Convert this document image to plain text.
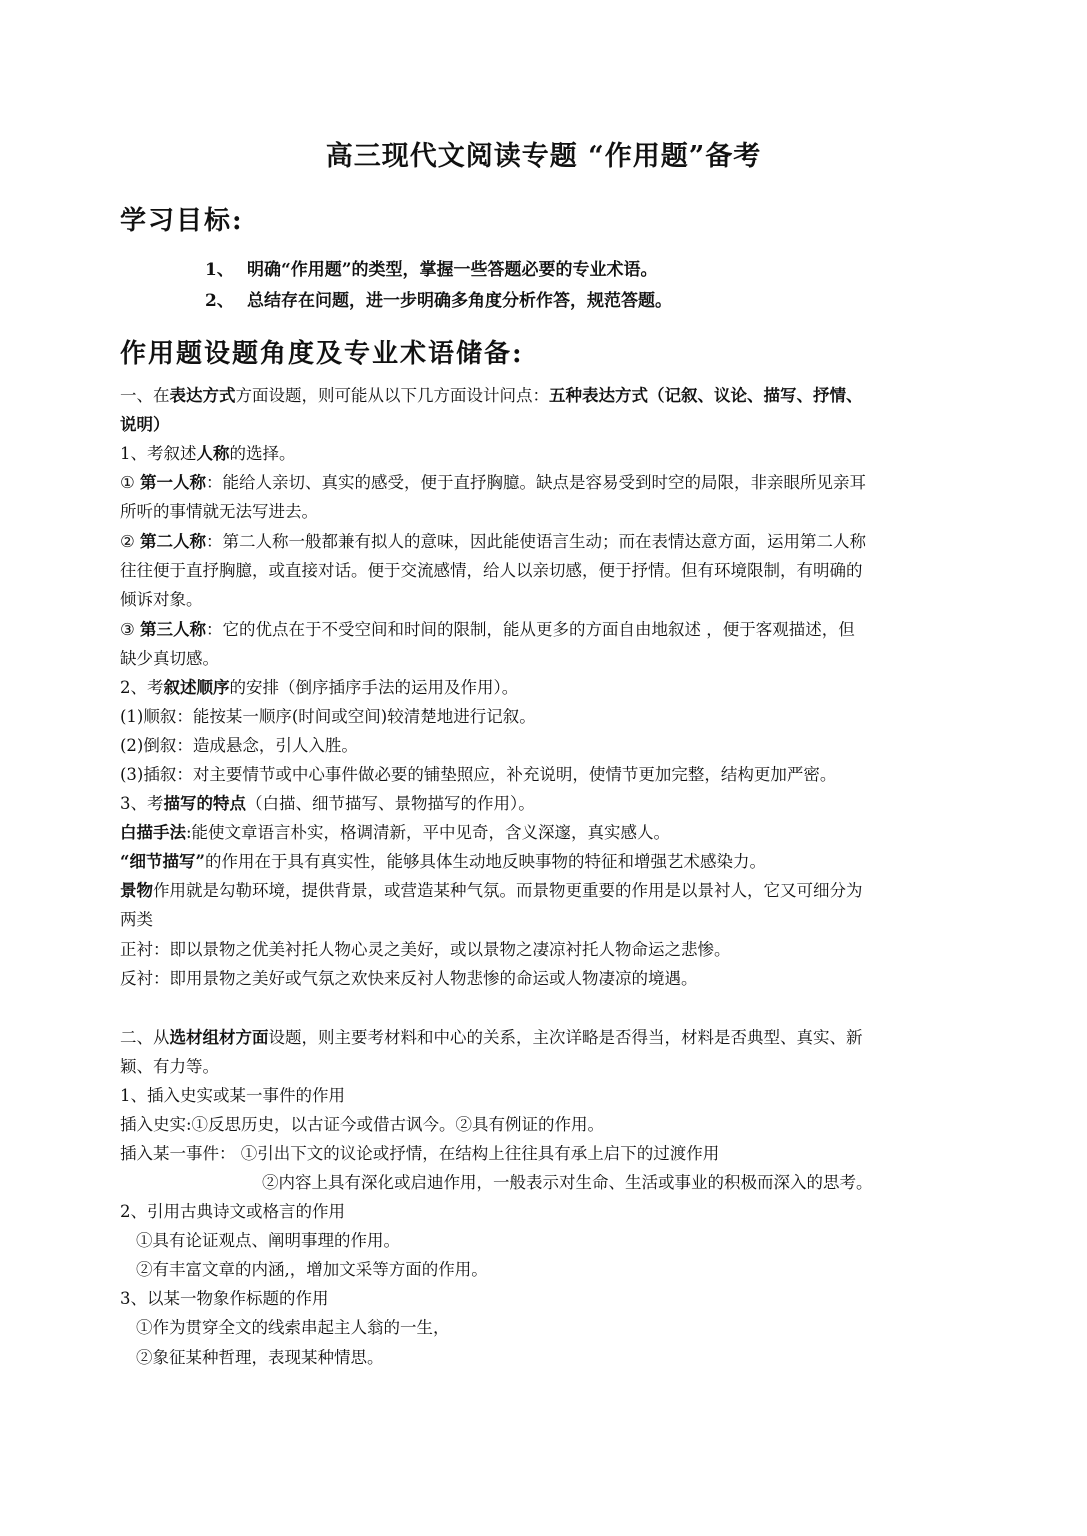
高三现代文阅读专题 “作用题”备考
学习目标:
1、 明确“作用题”的类型，掌握一些答题必要的专业术语。
2、 总结存在问题，进一步明确多角度分析作答，规范答题。
作用题设题角度及专业术语储备:
一、在表达方式方面设题，则可能从以下几方面设计问点：五种表达方式（记叙、议论、描写、抒情、
说明）
1、考叙述人称的选择。
① 第一人称：能给人亲切、真实的感受，便于直抒胸臆。缺点是容易受到时空的局限，非亲眼所见亲耳
所听的事情就无法写进去。
② 第二人称：第二人称一般都兼有拟人的意味，因此能使语言生动；而在表情达意方面，运用第二人称
往往便于直抒胸臆，或直接对话。便于交流感情，给人以亲切感，便于抒情。但有环境限制，有明确的
倾诉对象。
③ 第三人称：它的优点在于不受空间和时间的限制，能从更多的方面自由地叙述 ，便于客观描述，但
缺少真切感。
2、考叙述顺序的安排（倒序插序手法的运用及作用）。
(1)顺叙：能按某一顺序(时间或空间)较清楚地进行记叙。
(2)倒叙：造成悬念，引人入胜。
(3)插叙：对主要情节或中心事件做必要的铺垫照应，补充说明，使情节更加完整，结构更加严密。
3、考描写的特点（白描、细节描写、景物描写的作用）。
白描手法:能使文章语言朴实，格调清新，平中见奇，含义深邃，真实感人。
“细节描写”的作用在于具有真实性，能够具体生动地反映事物的特征和增强艺术感染力。
景物作用就是勾勒环境，提供背景，或营造某种气氛。而景物更重要的作用是以景衬人，它又可细分为
两类
正衬：即以景物之优美衬托人物心灵之美好，或以景物之凄凉衬托人物命运之悲惨。
反衬：即用景物之美好或气氛之欢快来反衬人物悲惨的命运或人物凄凉的境遇。
二、从选材组材方面设题，则主要考材料和中心的关系，主次详略是否得当，材料是否典型、真实、新
颖、有力等。
1、插入史实或某一事件的作用
插入史实:①反思历史，以古证今或借古讽今。②具有例证的作用。
插入某一事件： ①引出下文的议论或抒情，在结构上往往具有承上启下的过渡作用
②内容上具有深化或启迪作用，一般表示对生命、生活或事业的积极而深入的思考。
2、引用古典诗文或格言的作用
①具有论证观点、阐明事理的作用。
②有丰富文章的内涵,，增加文采等方面的作用。
3、以某一物象作标题的作用
①作为贯穿全文的线索串起主人翁的一生，
②象征某种哲理，表现某种情思。
